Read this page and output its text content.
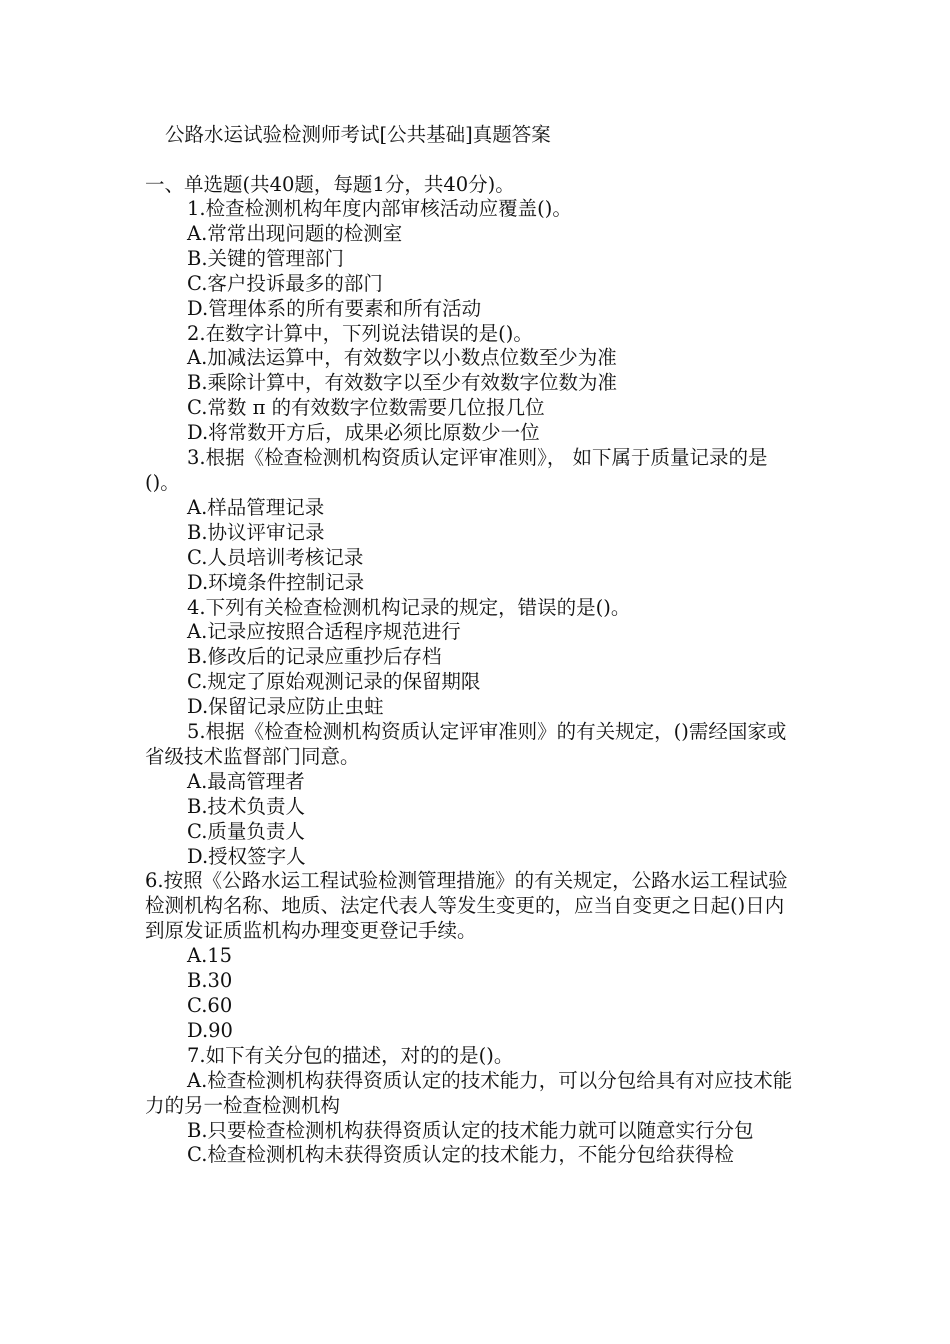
公路水运试验检测师考试[公共基础]真题答案
一、单选题(共40题，每题1分，共40分)。

1.检查检测机构年度内部审核活动应覆盖()。

A.常常出现问题的检测室

B.关键的管理部门

C.客户投诉最多的部门

D.管理体系的所有要素和所有活动

2.在数字计算中，下列说法错误的是()。

A.加减法运算中，有效数字以小数点位数至少为准

B.乘除计算中，有效数字以至少有效数字位数为准

C.常数 π 的有效数字位数需要几位报几位

D.将常数开方后，成果必须比原数少一位

3.根据《检查检测机构资质认定评审准则》， 如下属于质量记录的是()。

A.样品管理记录

B.协议评审记录

C.人员培训考核记录

D.环境条件控制记录

4.下列有关检查检测机构记录的规定，错误的是()。

A.记录应按照合适程序规范进行

B.修改后的记录应重抄后存档

C.规定了原始观测记录的保留期限

D.保留记录应防止虫蛀

5.根据《检查检测机构资质认定评审准则》的有关规定，()需经国家或省级技术监督部门同意。

A.最高管理者

B.技术负责人

C.质量负责人

D.授权签字人

6.按照《公路水运工程试验检测管理措施》的有关规定，公路水运工程试验检测机构名称、地质、法定代表人等发生变更的，应当自变更之日起()日内到原发证质监机构办理变更登记手续。

A.15

B.30

C.60

D.90

7.如下有关分包的描述，对的的是()。

A.检查检测机构获得资质认定的技术能力，可以分包给具有对应技术能力的另一检查检测机构

B.只要检查检测机构获得资质认定的技术能力就可以随意实行分包

C.检查检测机构未获得资质认定的技术能力，不能分包给获得检
